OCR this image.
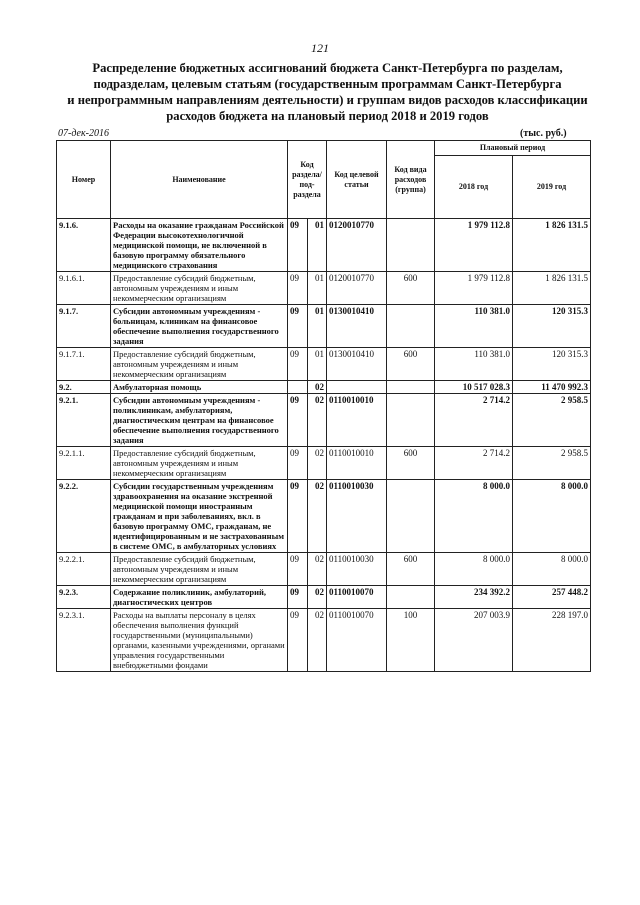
121
Распределение бюджетных ассигнований бюджета Санкт-Петербурга по разделам,
подразделам, целевым статьям (государственным программам Санкт-Петербурга
и непрограммным направлениям деятельности) и группам видов расходов классификации
расходов бюджета на плановый период 2018 и 2019 годов
07-дек-2016	(тыс. руб.)
Номер	Наименование	Код раздела/ под-раздела		Код целевой статьи	Код вида расходов (группа)	Плановый период	
						2018 год	2019 год
9.1.6.	Расходы на оказание гражданам Российской Федерации высокотехнологичной медицинской помощи, не включенной в базовую программу обязательного медицинского страхования	09	01	0120010770		1 979 112.8	1 826 131.5
9.1.6.1.	Предоставление субсидий бюджетным, автономным учреждениям и иным некоммерческим организациям	09	01	0120010770	600	1 979 112.8	1 826 131.5
9.1.7.	Субсидии автономным учреждениям - больницам, клиникам на финансовое обеспечение выполнения государственного задания	09	01	0130010410		110 381.0	120 315.3
9.1.7.1.	Предоставление субсидий бюджетным, автономным учреждениям и иным некоммерческим организациям	09	01	0130010410	600	110 381.0	120 315.3
9.2.	Амбулаторная помощь		02			10 517 028.3	11 470 992.3
9.2.1.	Субсидии автономным учреждениям - поликлиникам, амбулаториям, диагностическим центрам на финансовое обеспечение выполнения государственного задания	09	02	0110010010		2 714.2	2 958.5
9.2.1.1.	Предоставление субсидий бюджетным, автономным учреждениям и иным некоммерческим организациям	09	02	0110010010	600	2 714.2	2 958.5
9.2.2.	Субсидии государственным учреждениям здравоохранения на оказание экстренной медицинской помощи иностранным гражданам и при заболеваниях, вкл. в базовую программу ОМС, гражданам, не идентифицированным и не застрахованным в системе ОМС, в амбулаторных условиях	09	02	0110010030		8 000.0	8 000.0
9.2.2.1.	Предоставление субсидий бюджетным, автономным учреждениям и иным некоммерческим организациям	09	02	0110010030	600	8 000.0	8 000.0
9.2.3.	Содержание поликлиник, амбулаторий, диагностических центров	09	02	0110010070		234 392.2	257 448.2
9.2.3.1.	Расходы на выплаты персоналу в целях обеспечения выполнения функций государственными (муниципальными) органами, казенными учреждениями, органами управления государственными внебюджетными фондами	09	02	0110010070	100	207 003.9	228 197.0
